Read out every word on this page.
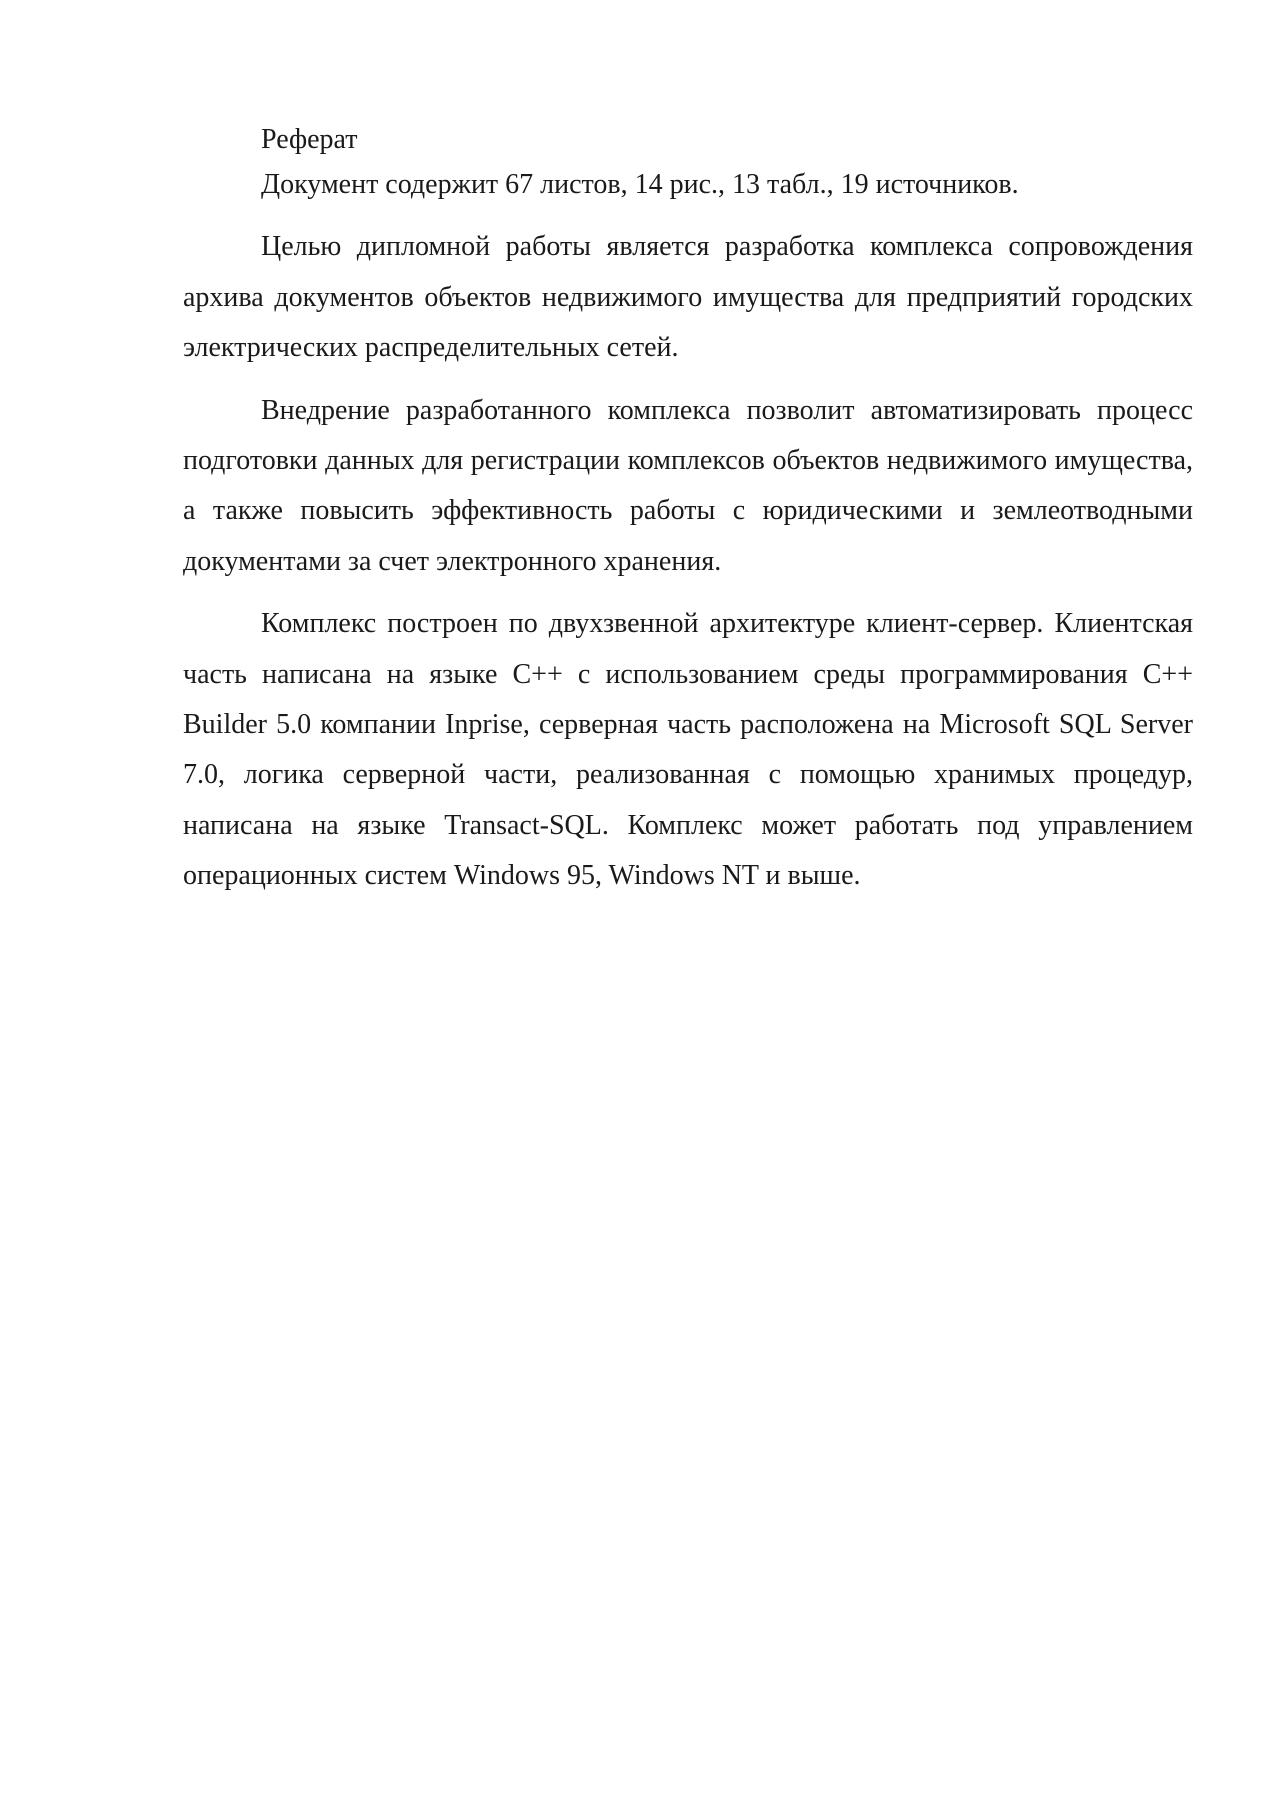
Реферат

Документ содержит 67 листов, 14 рис., 13 табл., 19 источников.

Целью дипломной работы является разработка комплекса сопровождения архива документов объектов недвижимого имущества для предприятий городских электрических распределительных сетей.

Внедрение разработанного комплекса позволит автоматизировать процесс подготовки данных для регистрации комплексов объектов недвижимого имущества, а также повысить эффективность работы с юридическими и землеотводными документами за счет электронного хранения.

Комплекс построен по двухзвенной архитектуре клиент-сервер. Клиентская часть написана на языке C++ с использованием среды программирования C++ Builder 5.0 компании Inprise, серверная часть расположена на Microsoft SQL Server 7.0, логика серверной части, реализованная с помощью хранимых процедур, написана на языке Transact-SQL. Комплекс может работать под управлением операционных систем Windows 95, Windows NT и выше.
